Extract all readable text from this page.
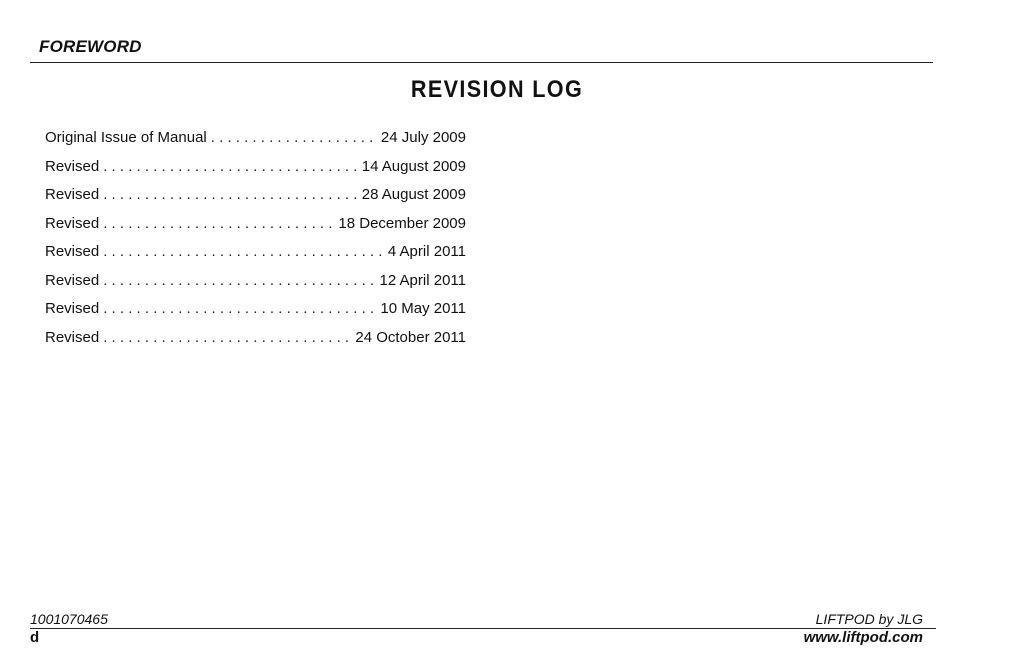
FOREWORD
REVISION LOG
Original Issue of Manual . . .	24 July 2009
Revised . . .	14 August 2009
Revised . . .	28 August 2009
Revised . . .	18 December 2009
Revised . . .	4 April 2011
Revised . . .	12 April 2011
Revised . . .	10 May 2011
Revised . . .	24 October 2011
1001070465	LIFTPOD by JLG
d	www.liftpod.com
